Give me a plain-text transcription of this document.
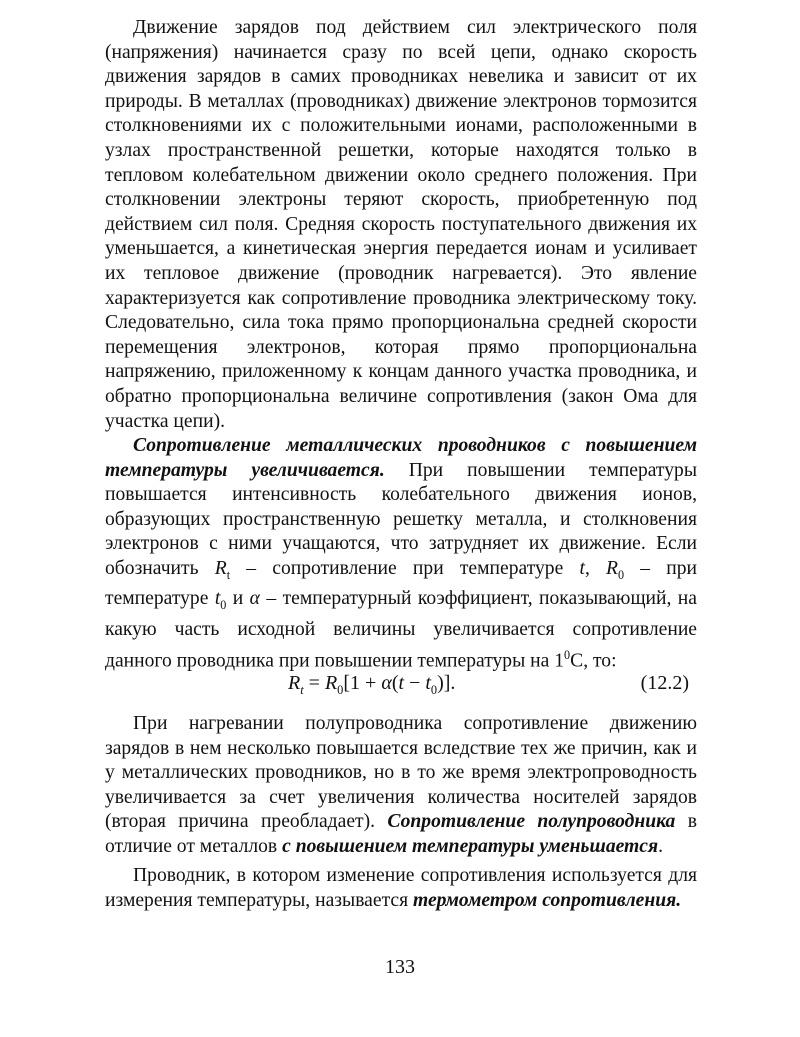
Движение зарядов под действием сил электрического поля (напряжения) начинается сразу по всей цепи, однако скорость движения зарядов в самих проводниках невелика и зависит от их природы. В металлах (проводниках) движение электронов тормозится столкновениями их с положительными ионами, расположенными в узлах пространственной решетки, которые находятся только в тепловом колебательном движении около среднего положения. При столкновении электроны теряют скорость, приобретенную под действием сил поля. Средняя скорость поступательного движения их уменьшается, а кинетическая энергия передается ионам и усиливает их тепловое движение (проводник нагревается). Это явление характеризуется как сопротивление проводника электрическому току. Следовательно, сила тока прямо пропорциональна средней скорости перемещения электронов, которая прямо пропорциональна напряжению, приложенному к концам данного участка проводника, и обратно пропорциональна величине сопротивления (закон Ома для участка цепи).

Сопротивление металлических проводников с повышением температуры увеличивается. При повышении температуры повышается интенсивность колебательного движения ионов, образующих пространственную решетку металла, и столкновения электронов с ними учащаются, что затрудняет их движение. Если обозначить $R_t$ – сопротивление при температуре t, $R_0$ – при температуре $t_0$ и α – температурный коэффициент, показывающий, на какую часть исходной величины увеличивается сопротивление данного проводника при повышении температуры на $1^0С$, то:

$R_t = R_0[1 + \alpha(t - t_0)]$.	(12.2)

При нагревании полупроводника сопротивление движению зарядов в нем несколько повышается вследствие тех же причин, как и у металлических проводников, но в то же время электропроводность увеличивается за счет увеличения количества носителей зарядов (вторая причина преобладает). Сопротивление полупроводника в отличие от металлов с повышением температуры уменьшается.

Проводник, в котором изменение сопротивления используется для измерения температуры, называется термометром сопротивления.

133
